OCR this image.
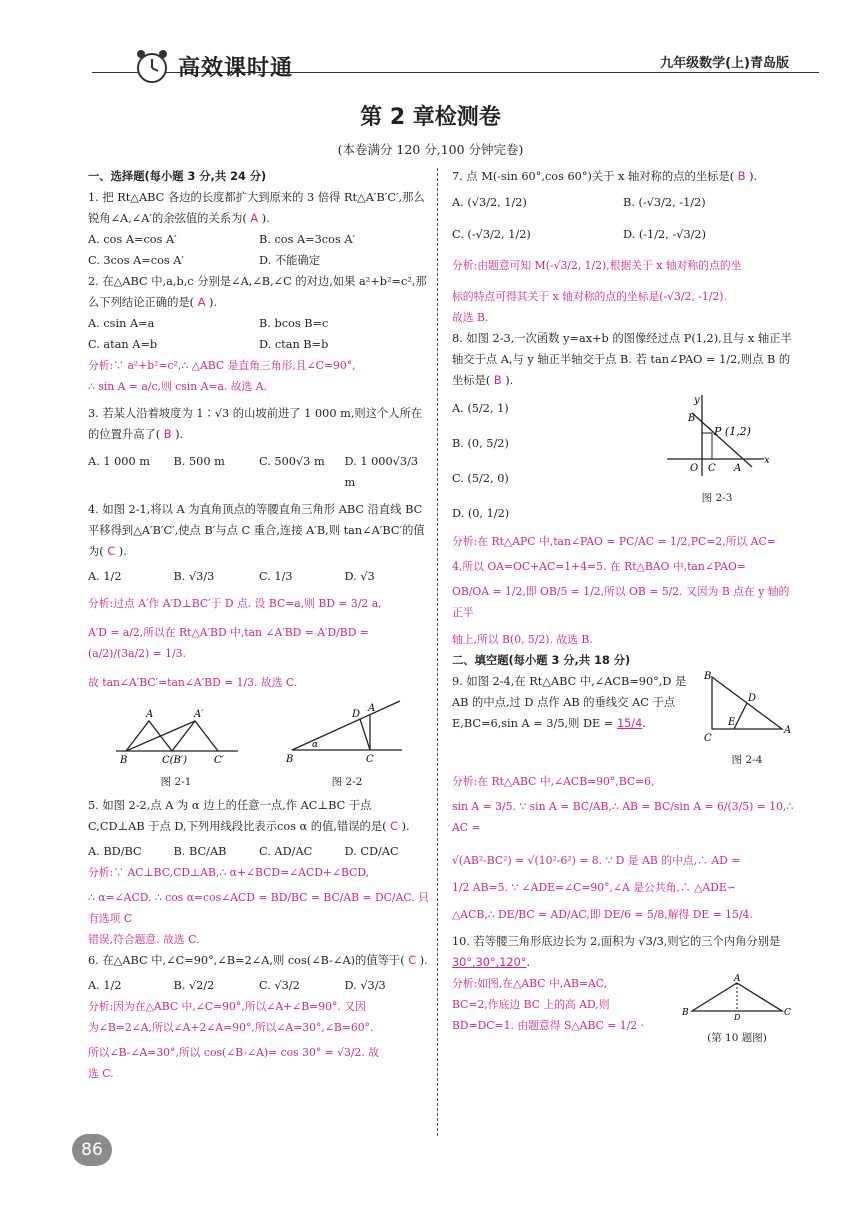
高效课时通	九年级数学(上)青岛版
第 2 章检测卷
(本卷满分 120 分,100 分钟完卷)

一、选择题(每小题 3 分,共 24 分)

1. 把 Rt△ABC 各边的长度都扩大到原来的 3 倍得 Rt△A′B′C′,那么锐角∠A,∠A′的余弦值的关系为( A ).

A. cos A=cos A′	B. cos A=3cos A′
C. 3cos A=cos A′	D. 不能确定

2. 在△ABC 中,a,b,c 分别是∠A,∠B,∠C 的对边,如果 a²+b²=c²,那么下列结论正确的是( A ).

A. csin A=a	B. bcos B=c
C. atan A=b	D. ctan B=b

分析:∵ a²+b²=c²,∴ △ABC 是直角三角形,且∠C=90°,

∴ sin A = a/c,则 csin A=a. 故选 A.

3. 若某人沿着坡度为 1∶√3 的山坡前进了 1 000 m,则这个人所在的位置升高了( B ).

A. 1 000 m	B. 500 m	C. 500√3 m	D. 1 000√3/3 m

4. 如图 2-1,将以 A 为直角顶点的等腰直角三角形 ABC 沿直线 BC 平移得到△A′B′C′,使点 B′与点 C 重合,连接 A′B,则 tan∠A′BC′的值为( C ).

A. 1/2	B. √3/3	C. 1/3	D. √3

分析:过点 A′作 A′D⊥BC′于 D 点. 设 BC=a,则 BD = 3/2 a,

A′D = a/2,所以在 Rt△A′BD 中,tan ∠A′BD = A′D/BD = (a/2)/(3a/2) = 1/3.

故 tan∠A′BC′=tan∠A′BD = 1/3. 故选 C.

A	A′
B	C(B′)	C′
图 2-1
α
B	C
A
D
图 2-2

5. 如图 2-2,点 A 为 α 边上的任意一点,作 AC⊥BC 于点 C,CD⊥AB 于点 D,下列用线段比表示cos α 的值,错误的是( C ).

A. BD/BC	B. BC/AB	C. AD/AC	D. CD/AC

分析:∵ AC⊥BC,CD⊥AB,∴ α+∠BCD=∠ACD+∠BCD,

∴ α=∠ACD. ∴ cos α=cos∠ACD = BD/BC = BC/AB = DC/AC. 只有选项 C

错误,符合题意. 故选 C.

6. 在△ABC 中,∠C=90°,∠B=2∠A,则 cos(∠B-∠A)的值等于( C ).

A. 1/2	B. √2/2	C. √3/2	D. √3/3

分析:因为在△ABC 中,∠C=90°,所以∠A+∠B=90°. 又因

为∠B=2∠A,所以∠A+2∠A=90°,所以∠A=30°,∠B=60°.

所以∠B-∠A=30°,所以 cos(∠B-∠A)= cos 30° = √3/2. 故

选 C.

7. 点 M(-sin 60°,cos 60°)关于 x 轴对称的点的坐标是( B ).

A. (√3/2, 1/2)	B. (-√3/2, -1/2)
C. (-√3/2, 1/2)	D. (-1/2, -√3/2)

分析:由题意可知 M(-√3/2, 1/2),根据关于 x 轴对称的点的坐

标的特点可得其关于 x 轴对称的点的坐标是(-√3/2, -1/2).

故选 B.

8. 如图 2-3,一次函数 y=ax+b 的图像经过点 P(1,2),且与 x 轴正半轴交于点 A,与 y 轴正半轴交于点 B. 若 tan∠PAO = 1/2,则点 B 的坐标是( B ).

A. (5/2, 1)
B. (0, 5/2)
C. (5/2, 0)
D. (0, 1/2)
y
x
B
P (1,2)
O C A
图 2-3

分析:在 Rt△APC 中,tan∠PAO = PC/AC = 1/2,PC=2,所以 AC=

4,所以 OA=OC+AC=1+4=5. 在 Rt△BAO 中,tan∠PAO=

OB/OA = 1/2,即 OB/5 = 1/2,所以 OB = 5/2. 又因为 B 点在 y 轴的正半

轴上,所以 B(0, 5/2). 故选 B.

二、填空题(每小题 3 分,共 18 分)

9. 如图 2-4,在 Rt△ABC 中,∠ACB=90°,D 是 AB 的中点,过 D 点作 AB 的垂线交 AC 于点 E,BC=6,sin A = 3/5,则 DE = 15/4.

B
D
C
E
A
图 2-4

分析:在 Rt△ABC 中,∠ACB=90°,BC=6,

sin A = 3/5. ∵ sin A = BC/AB,∴ AB = BC/sin A = 6/(3/5) = 10,∴ AC =

√(AB²-BC²) = √(10²-6²) = 8. ∵ D 是 AB 的中点,∴ AD =

1/2 AB=5. ∵ ∠ADE=∠C=90°,∠A 是公共角,∴ △ADE∽

△ACB,∴ DE/BC = AD/AC,即 DE/6 = 5/8,解得 DE = 15/4.

10. 若等腰三角形底边长为 2,面积为 √3/3,则它的三个内角分别是 30°,30°,120°.

分析:如图,在△ABC 中,AB=AC,

BC=2,作底边 BC 上的高 AD,则

BD=DC=1. 由题意得 S△ABC = 1/2 ·

A
B	C
D
(第 10 题图)
86
